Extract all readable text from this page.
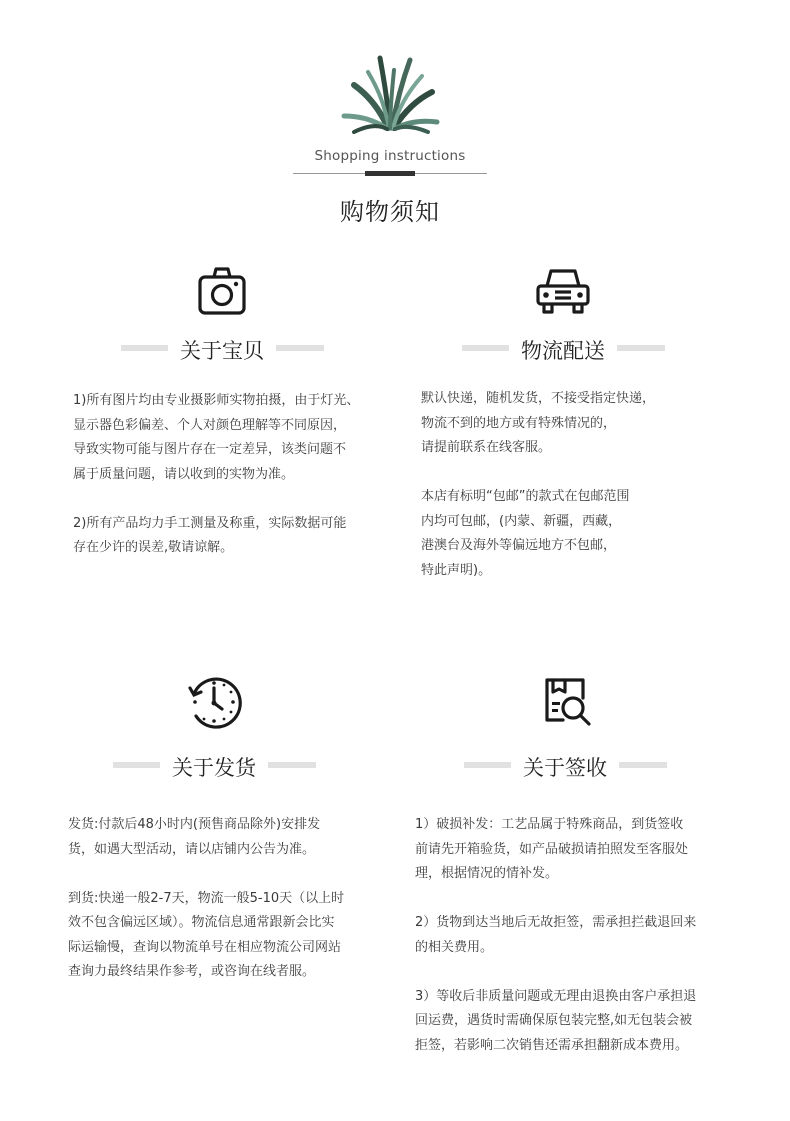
Shopping instructions
购物须知
关于宝贝

1)所有图片均由专业摄影师实物拍摄，由于灯光、

显示器色彩偏差、个人对颜色理解等不同原因，

导致实物可能与图片存在一定差异，该类问题不

属于质量问题，请以收到的实物为准。

2)所有产品均力手工测量及称重，实际数据可能

存在少许的误差,敬请谅解。

物流配送

默认快递，随机发货，不接受指定快递，

物流不到的地方或有特殊情况的，

请提前联系在线客服。

本店有标明“包邮”的款式在包邮范围

内均可包邮，(内蒙、新疆，西藏，

港澳台及海外等偏远地方不包邮，

特此声明)。

关于发货

发货:付款后48小时内(预售商品除外)安排发

货，如遇大型活动，请以店铺内公告为准。

到货:快递一般2-7天，物流一般5-10天（以上时

效不包含偏远区域）。物流信息通常跟新会比实

际运输慢，查询以物流单号在相应物流公司网站

查询力最终结果作参考，或咨询在线者服。

关于签收

1）破损补发：工艺品属于特殊商品，到货签收

前请先开箱验货，如产品破损请拍照发至客服处

理，根据情况的情补发。

2）货物到达当地后无故拒签，需承担拦截退回来

的相关费用。

3）等收后非质量问题或无理由退换由客户承担退

回运费，遇货时需确保原包装完整,如无包装会被

拒签，若影响二次销售还需承担翻新成本费用。
